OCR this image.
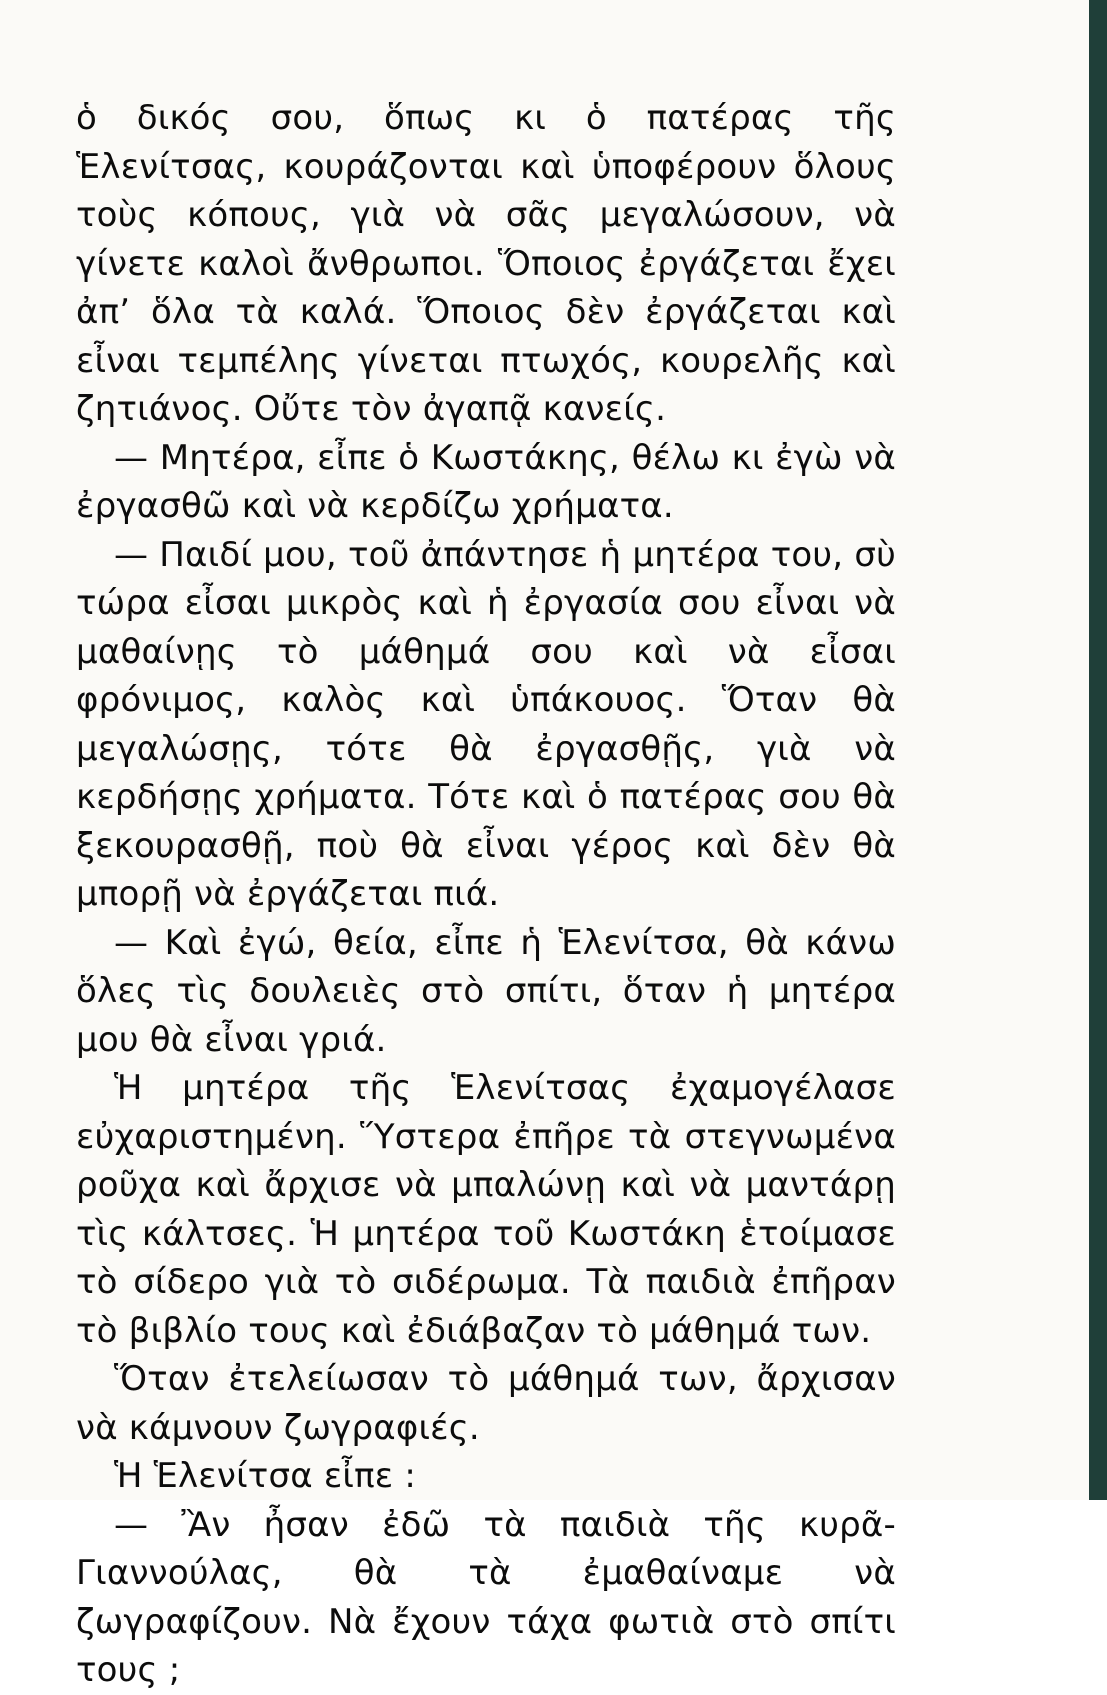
ὁ δικός σου, ὅπως κι ὁ πατέρας τῆς Ἑλενίτσας, κουράζονται καὶ ὑποφέρουν ὅλους τοὺς κόπους, γιὰ νὰ σᾶς μεγαλώσουν, νὰ γίνετε καλοὶ ἄνθρωποι. Ὅποιος ἐργάζεται ἔχει ἀπ’ ὅλα τὰ καλά. Ὅποιος δὲν ἐργάζεται καὶ εἶναι τεμπέλης γίνεται πτωχός, κουρελῆς καὶ ζητιάνος. Οὔτε τὸν ἀγαπᾷ κανείς.

— Μητέρα, εἶπε ὁ Κωστάκης, θέλω κι ἐγὼ νὰ ἐργασθῶ καὶ νὰ κερδίζω χρήματα.

— Παιδί μου, τοῦ ἀπάντησε ἡ μητέρα του, σὺ τώρα εἶσαι μικρὸς καὶ ἡ ἐργασία σου εἶναι νὰ μαθαίνῃς τὸ μάθημά σου καὶ νὰ εἶσαι φρόνιμος, καλὸς καὶ ὑπάκουος. Ὅταν θὰ μεγαλώσῃς, τότε θὰ ἐργασθῇς, γιὰ νὰ κερδήσῃς χρήματα. Τότε καὶ ὁ πατέρας σου θὰ ξεκουρασθῇ, ποὺ θὰ εἶναι γέρος καὶ δὲν θὰ μπορῇ νὰ ἐργάζεται πιά.

— Καὶ ἐγώ, θεία, εἶπε ἡ Ἑλενίτσα, θὰ κάνω ὅλες τὶς δουλειὲς στὸ σπίτι, ὅταν ἡ μητέρα μου θὰ εἶναι γριά.

Ἡ μητέρα τῆς Ἑλενίτσας ἐχαμογέλασε εὐχαριστημένη. Ὕστερα ἐπῆρε τὰ στεγνωμένα ροῦχα καὶ ἄρχισε νὰ μπαλώνῃ καὶ νὰ μαντάρῃ τὶς κάλτσες. Ἡ μητέρα τοῦ Κωστάκη ἑτοίμασε τὸ σίδερο γιὰ τὸ σιδέρωμα. Τὰ παιδιὰ ἐπῆραν τὸ βιβλίο τους καὶ ἐδιάβαζαν τὸ μάθημά των.

Ὅταν ἐτελείωσαν τὸ μάθημά των, ἄρχισαν νὰ κάμνουν ζωγραφιές.

Ἡ Ἑλενίτσα εἶπε :

— Ἂν ἦσαν ἐδῶ τὰ παιδιὰ τῆς κυρᾶ-Γιαννούλας, θὰ τὰ ἐμαθαίναμε νὰ ζωγραφίζουν. Νὰ ἔχουν τάχα φωτιὰ στὸ σπίτι τους ;
